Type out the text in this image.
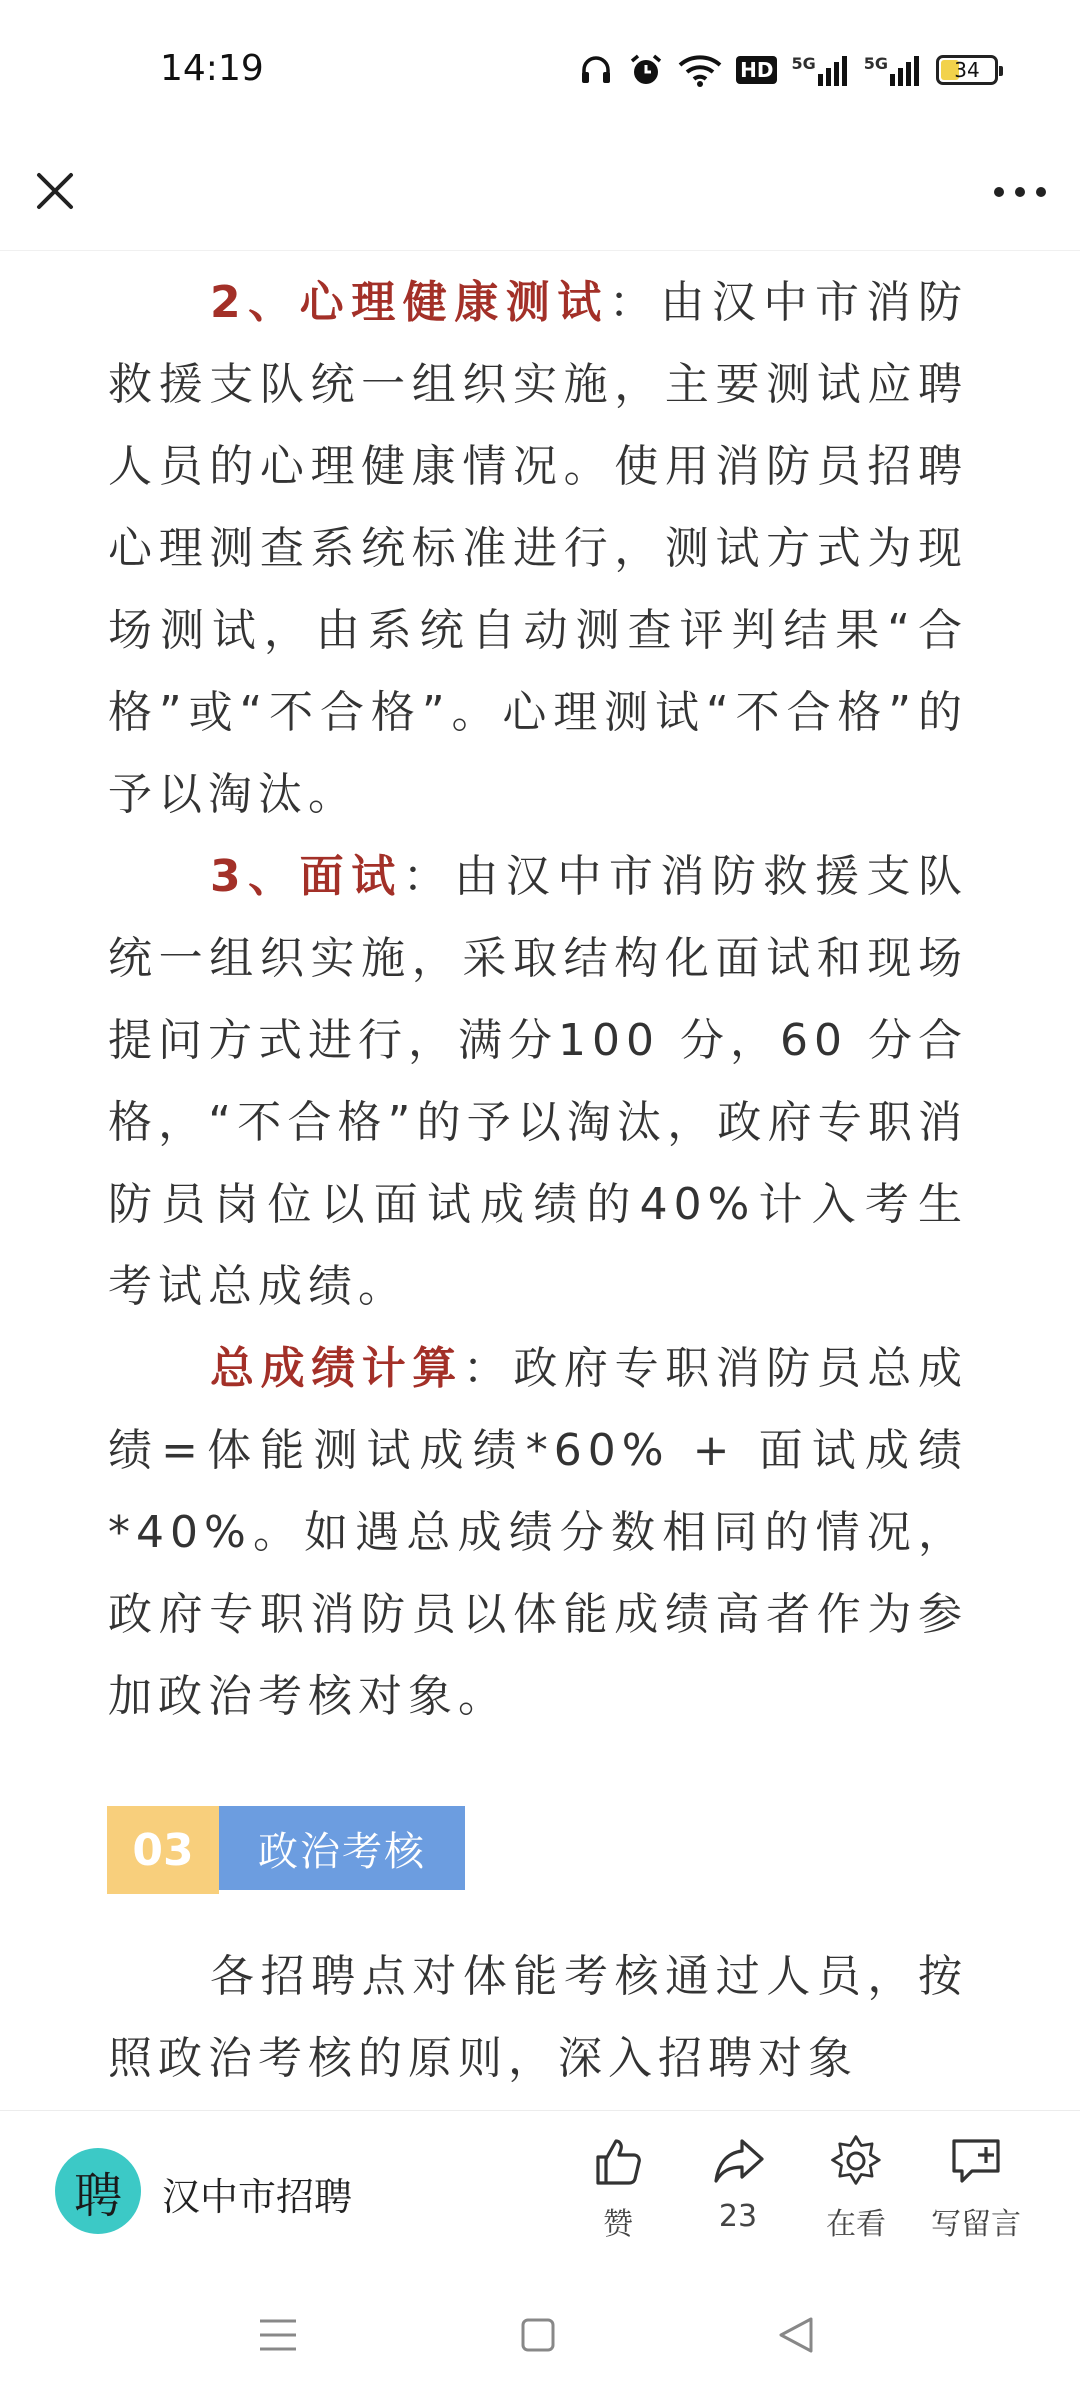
14:19	HD 5G	5G	34

2、心理健康测试：由汉中市消防救援支队统一组织实施，主要测试应聘人员的心理健康情况。使用消防员招聘心理测查系统标准进行，测试方式为现场测试，由系统自动测查评判结果“合格”或“不合格”。心理测试“不合格”的予以淘汰。

3、面试：由汉中市消防救援支队统一组织实施，采取结构化面试和现场提问方式进行，满分100 分，60 分合格，“不合格”的予以淘汰，政府专职消防员岗位以面试成绩的40%计入考生考试总成绩。

总成绩计算：政府专职消防员总成绩=体能测试成绩*60% + 面试成绩*40%。如遇总成绩分数相同的情况，政府专职消防员以体能成绩高者作为参加政治考核对象。

03	政治考核

各招聘点对体能考核通过人员，按照政治考核的原则，深入招聘对象

聘	汉中市招聘
赞	23 在看 写留言
